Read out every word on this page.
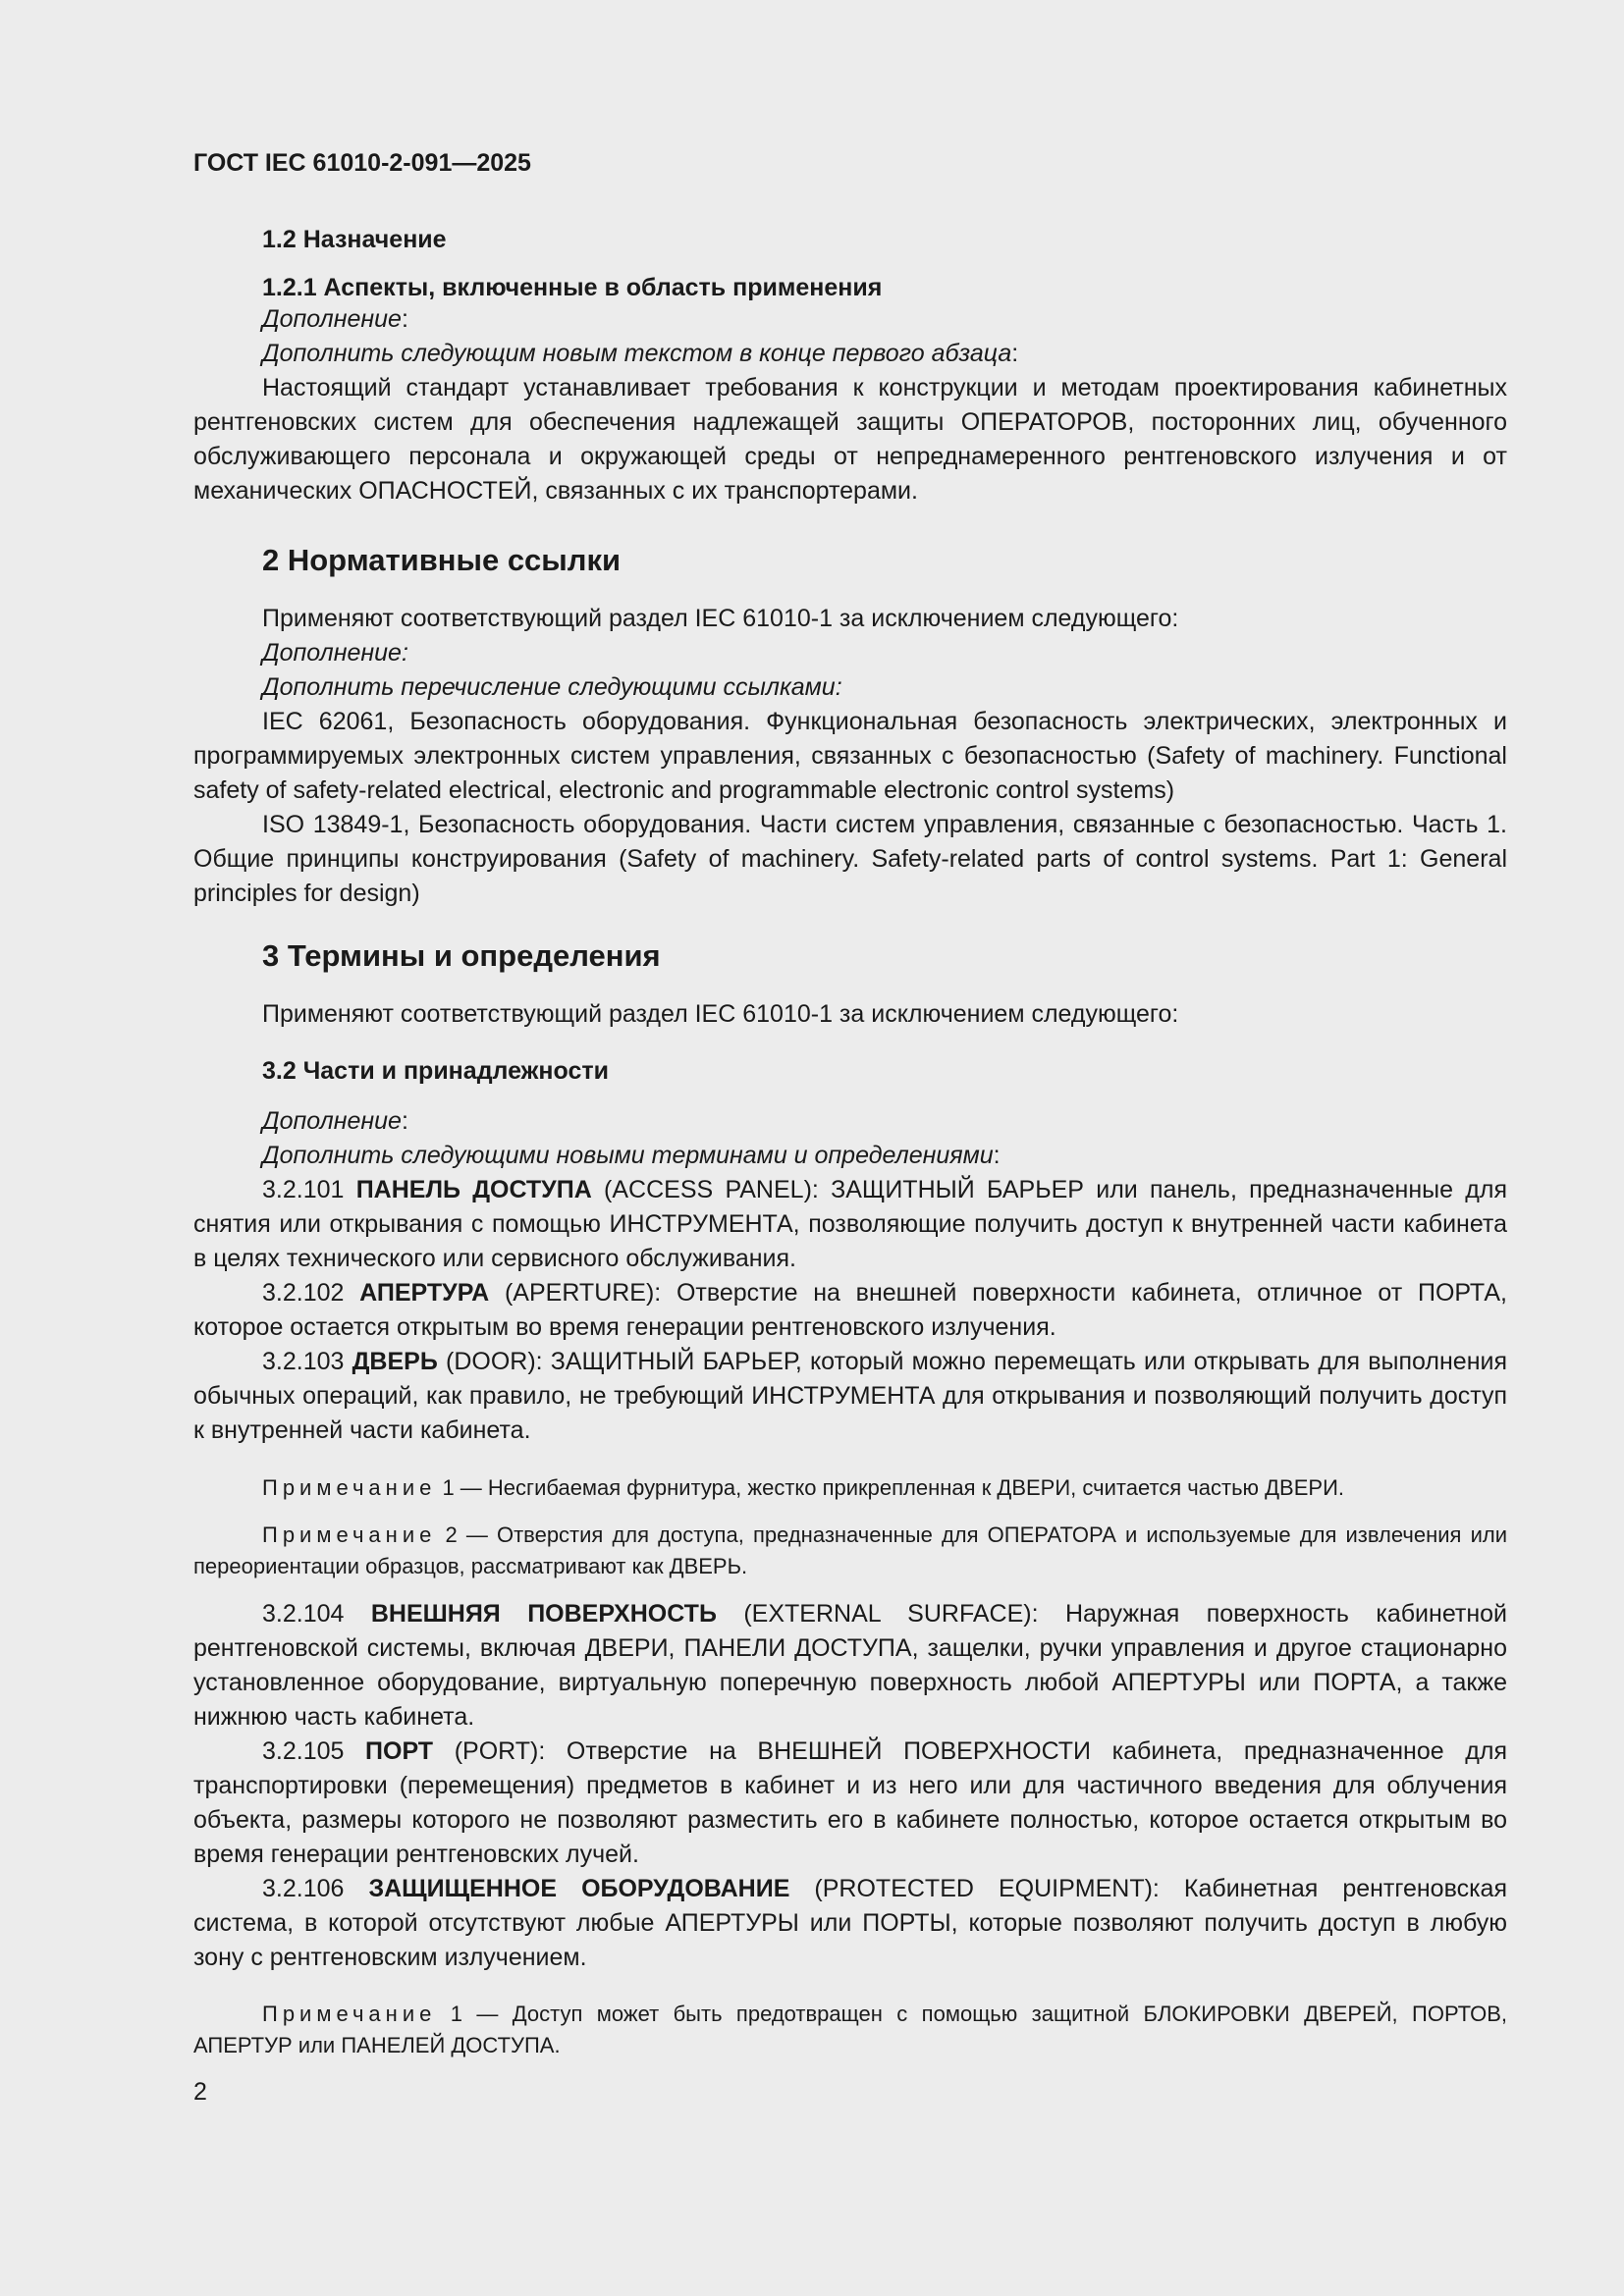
ГОСТ IEC 61010-2-091—2025

1.2 Назначение

1.2.1 Аспекты, включенные в область применения

Дополнение:

Дополнить следующим новым текстом в конце первого абзаца:

Настоящий стандарт устанавливает требования к конструкции и методам проектирования кабинетных рентгеновских систем для обеспечения надлежащей защиты ОПЕРАТОРОВ, посторонних лиц, обученного обслуживающего персонала и окружающей среды от непреднамеренного рентгеновского излучения и от механических ОПАСНОСТЕЙ, связанных с их транспортерами.

2 Нормативные ссылки

Применяют соответствующий раздел IEC 61010-1 за исключением следующего:

Дополнение:

Дополнить перечисление следующими ссылками:

IEC 62061, Безопасность оборудования. Функциональная безопасность электрических, электронных и программируемых электронных систем управления, связанных с безопасностью (Safety of machinery. Functional safety of safety-related electrical, electronic and programmable electronic control systems)

ISO 13849-1, Безопасность оборудования. Части систем управления, связанные с безопасностью. Часть 1. Общие принципы конструирования (Safety of machinery. Safety-related parts of control systems. Part 1: General principles for design)

3 Термины и определения

Применяют соответствующий раздел IEC 61010-1 за исключением следующего:

3.2 Части и принадлежности

Дополнение:

Дополнить следующими новыми терминами и определениями:

3.2.101 ПАНЕЛЬ ДОСТУПА (ACCESS PANEL): ЗАЩИТНЫЙ БАРЬЕР или панель, предназначенные для снятия или открывания с помощью ИНСТРУМЕНТА, позволяющие получить доступ к внутренней части кабинета в целях технического или сервисного обслуживания.

3.2.102 АПЕРТУРА (APERTURE): Отверстие на внешней поверхности кабинета, отличное от ПОРТА, которое остается открытым во время генерации рентгеновского излучения.

3.2.103 ДВЕРЬ (DOOR): ЗАЩИТНЫЙ БАРЬЕР, который можно перемещать или открывать для выполнения обычных операций, как правило, не требующий ИНСТРУМЕНТА для открывания и позволяющий получить доступ к внутренней части кабинета.

Примечание 1 — Несгибаемая фурнитура, жестко прикрепленная к ДВЕРИ, считается частью ДВЕРИ.

Примечание 2 — Отверстия для доступа, предназначенные для ОПЕРАТОРА и используемые для извлечения или переориентации образцов, рассматривают как ДВЕРЬ.

3.2.104 ВНЕШНЯЯ ПОВЕРХНОСТЬ (EXTERNAL SURFACE): Наружная поверхность кабинетной рентгеновской системы, включая ДВЕРИ, ПАНЕЛИ ДОСТУПА, защелки, ручки управления и другое стационарно установленное оборудование, виртуальную поперечную поверхность любой АПЕРТУРЫ или ПОРТА, а также нижнюю часть кабинета.

3.2.105 ПОРТ (PORT): Отверстие на ВНЕШНЕЙ ПОВЕРХНОСТИ кабинета, предназначенное для транспортировки (перемещения) предметов в кабинет и из него или для частичного введения для облучения объекта, размеры которого не позволяют разместить его в кабинете полностью, которое остается открытым во время генерации рентгеновских лучей.

3.2.106 ЗАЩИЩЕННОЕ ОБОРУДОВАНИЕ (PROTECTED EQUIPMENT): Кабинетная рентгеновская система, в которой отсутствуют любые АПЕРТУРЫ или ПОРТЫ, которые позволяют получить доступ в любую зону с рентгеновским излучением.

Примечание 1 — Доступ может быть предотвращен с помощью защитной БЛОКИРОВКИ ДВЕРЕЙ, ПОРТОВ, АПЕРТУР или ПАНЕЛЕЙ ДОСТУПА.

2
